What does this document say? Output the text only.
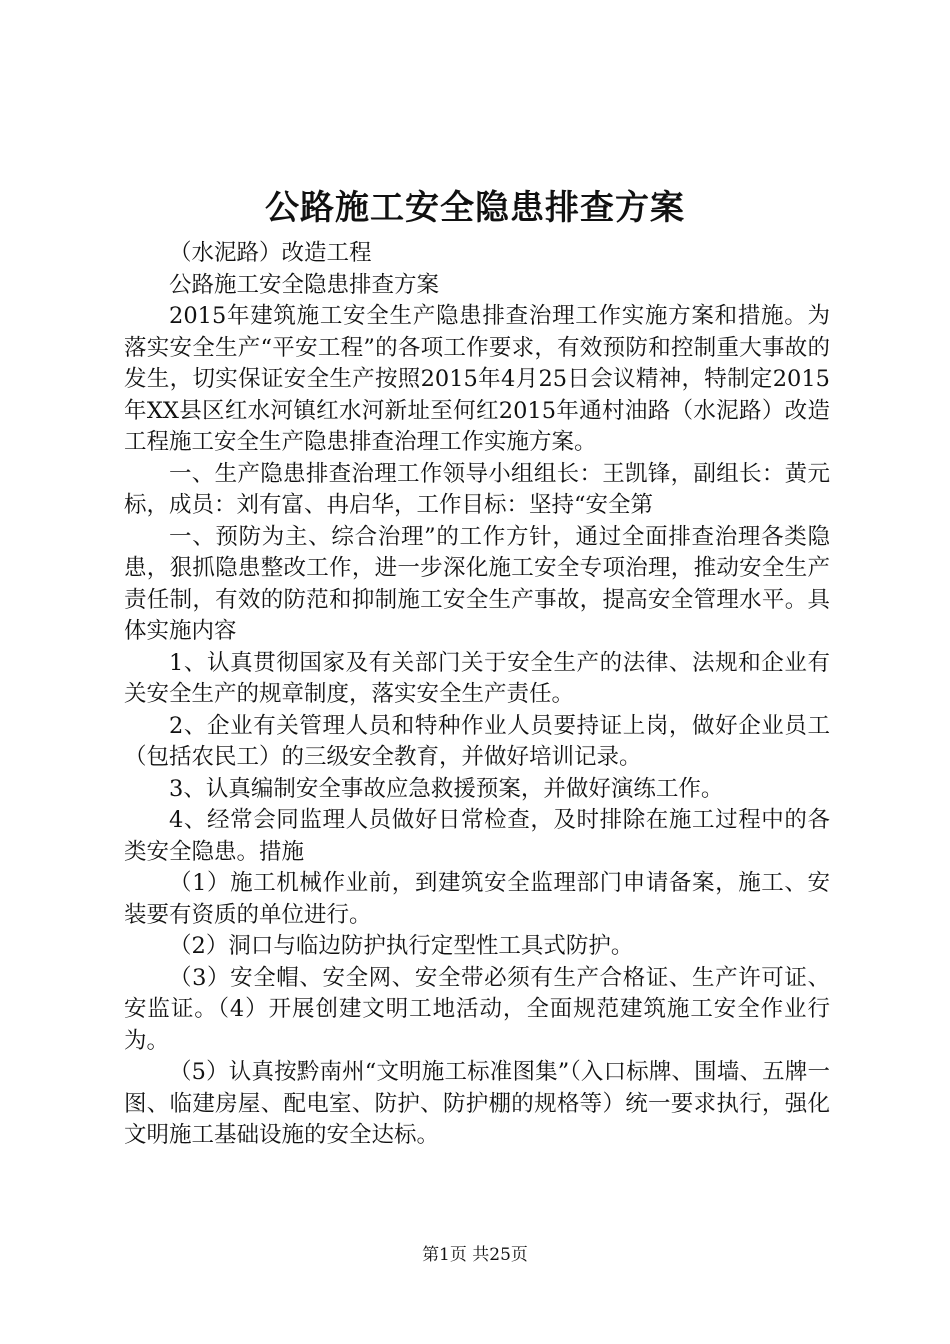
公路施工安全隐患排查方案

（水泥路）改造工程

公路施工安全隐患排查方案

2015年建筑施工安全生产隐患排查治理工作实施方案和措施。为落实安全生产“平安工程”的各项工作要求，有效预防和控制重大事故的发生，切实保证安全生产按照2015年4月25日会议精神，特制定2015年XX县区红水河镇红水河新址至何红2015年通村油路（水泥路）改造工程施工安全生产隐患排查治理工作实施方案。

一、生产隐患排查治理工作领导小组组长：王凯锋，副组长：黄元标，成员：刘有富、冉启华，工作目标：坚持“安全第

一、预防为主、综合治理”的工作方针，通过全面排查治理各类隐患，狠抓隐患整改工作，进一步深化施工安全专项治理，推动安全生产责任制，有效的防范和抑制施工安全生产事故，提高安全管理水平。具体实施内容

1、认真贯彻国家及有关部门关于安全生产的法律、法规和企业有关安全生产的规章制度，落实安全生产责任。

2、企业有关管理人员和特种作业人员要持证上岗，做好企业员工（包括农民工）的三级安全教育，并做好培训记录。

3、认真编制安全事故应急救援预案，并做好演练工作。

4、经常会同监理人员做好日常检查，及时排除在施工过程中的各类安全隐患。措施

（1）施工机械作业前，到建筑安全监理部门申请备案，施工、安装要有资质的单位进行。

（2）洞口与临边防护执行定型性工具式防护。

（3）安全帽、安全网、安全带必须有生产合格证、生产许可证、安监证。（4）开展创建文明工地活动，全面规范建筑施工安全作业行为。

（5）认真按黔南州“文明施工标准图集”（入口标牌、围墙、五牌一图、临建房屋、配电室、防护、防护棚的规格等）统一要求执行，强化文明施工基础设施的安全达标。

第1页 共25页
